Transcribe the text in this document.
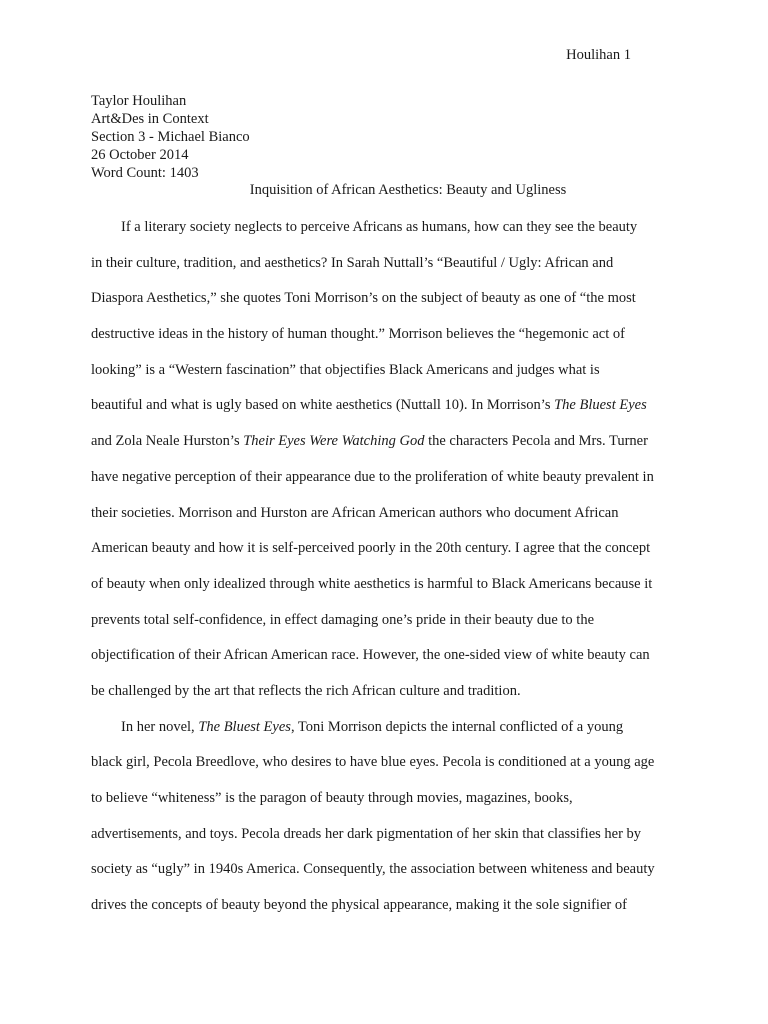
Houlihan 1
Taylor Houlihan
Art&Des in Context
Section 3 - Michael Bianco
26 October 2014
Word Count: 1403
Inquisition of African Aesthetics: Beauty and Ugliness
If a literary society neglects to perceive Africans as humans, how can they see the beauty
in their culture, tradition, and aesthetics? In Sarah Nuttall’s “Beautiful / Ugly: African and
Diaspora Aesthetics,” she quotes Toni Morrison’s on the subject of beauty as one of “the most
destructive ideas in the history of human thought.” Morrison believes the “hegemonic act of
looking” is a “Western fascination” that objectifies Black Americans and judges what is
beautiful and what is ugly based on white aesthetics (Nuttall 10). In Morrison’s The Bluest Eyes
and Zola Neale Hurston’s Their Eyes Were Watching God the characters Pecola and Mrs. Turner
have negative perception of their appearance due to the proliferation of white beauty prevalent in
their societies. Morrison and Hurston are African American authors who document African
American beauty and how it is self-perceived poorly in the 20th century. I agree that the concept
of beauty when only idealized through white aesthetics is harmful to Black Americans because it
prevents total self-confidence, in effect damaging one’s pride in their beauty due to the
objectification of their African American race. However, the one-sided view of white beauty can
be challenged by the art that reflects the rich African culture and tradition.
In her novel, The Bluest Eyes, Toni Morrison depicts the internal conflicted of a young
black girl, Pecola Breedlove, who desires to have blue eyes. Pecola is conditioned at a young age
to believe “whiteness” is the paragon of beauty through movies, magazines, books,
advertisements, and toys. Pecola dreads her dark pigmentation of her skin that classifies her by
society as “ugly” in 1940s America. Consequently, the association between whiteness and beauty
drives the concepts of beauty beyond the physical appearance, making it the sole signifier of
